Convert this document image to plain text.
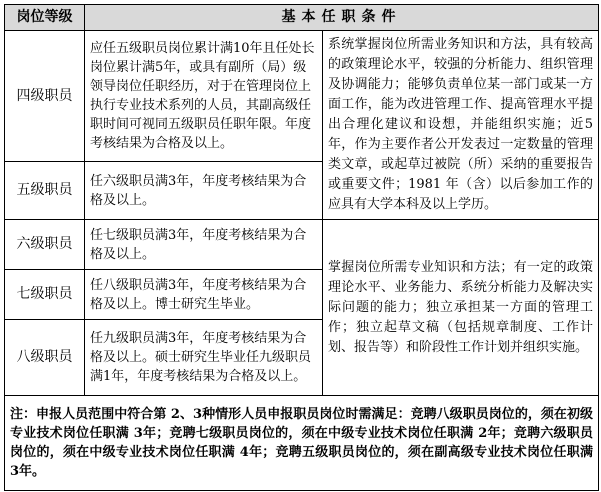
岗位等级	基本任职条件	
四级职员	应任五级职员岗位累计满10年且任处长岗位累计满5年，或具有副所（局）级领导岗位任职经历，对于在管理岗位上执行专业技术系列的人员，其副高级任职时间可视同五级职员任职年限。年度考核结果为合格及以上。	系统掌握岗位所需业务知识和方法，具有较高的政策理论水平，较强的分析能力、组织管理及协调能力；能够负责单位某一部门或某一方面工作，能为改进管理工作、提高管理水平提出合理化建议和设想，并能组织实施；近5年，作为主要作者公开发表过一定数量的管理类文章，或起草过被院（所）采纳的重要报告或重要文件；1981 年（含）以后参加工作的应具有大学本科及以上学历。
五级职员	任六级职员满3年，年度考核结果为合格及以上。	
六级职员	任七级职员满3年，年度考核结果为合格及以上。	掌握岗位所需专业知识和方法；有一定的政策理论水平、业务能力、系统分析能力及解决实际问题的能力；独立承担某一方面的管理工作；独立起草文稿（包括规章制度、工作计划、报告等）和阶段性工作计划并组织实施。
七级职员	任八级职员满3年，年度考核结果为合格及以上。博士研究生毕业。	
八级职员	任九级职员满3年，年度考核结果为合格及以上。硕士研究生毕业任九级职员满1年，年度考核结果为合格及以上。	
注：申报人员范围中符合第 2、3种情形人员申报职员岗位时需满足：竞聘八级职员岗位的，须在初级专业技术岗位任职满 3年；竞聘七级职员岗位的，须在中级专业技术岗位任职满 2年；竞聘六级职员岗位的，须在中级专业技术岗位任职满 4年；竞聘五级职员岗位的，须在副高级专业技术岗位任职满 3年。		
